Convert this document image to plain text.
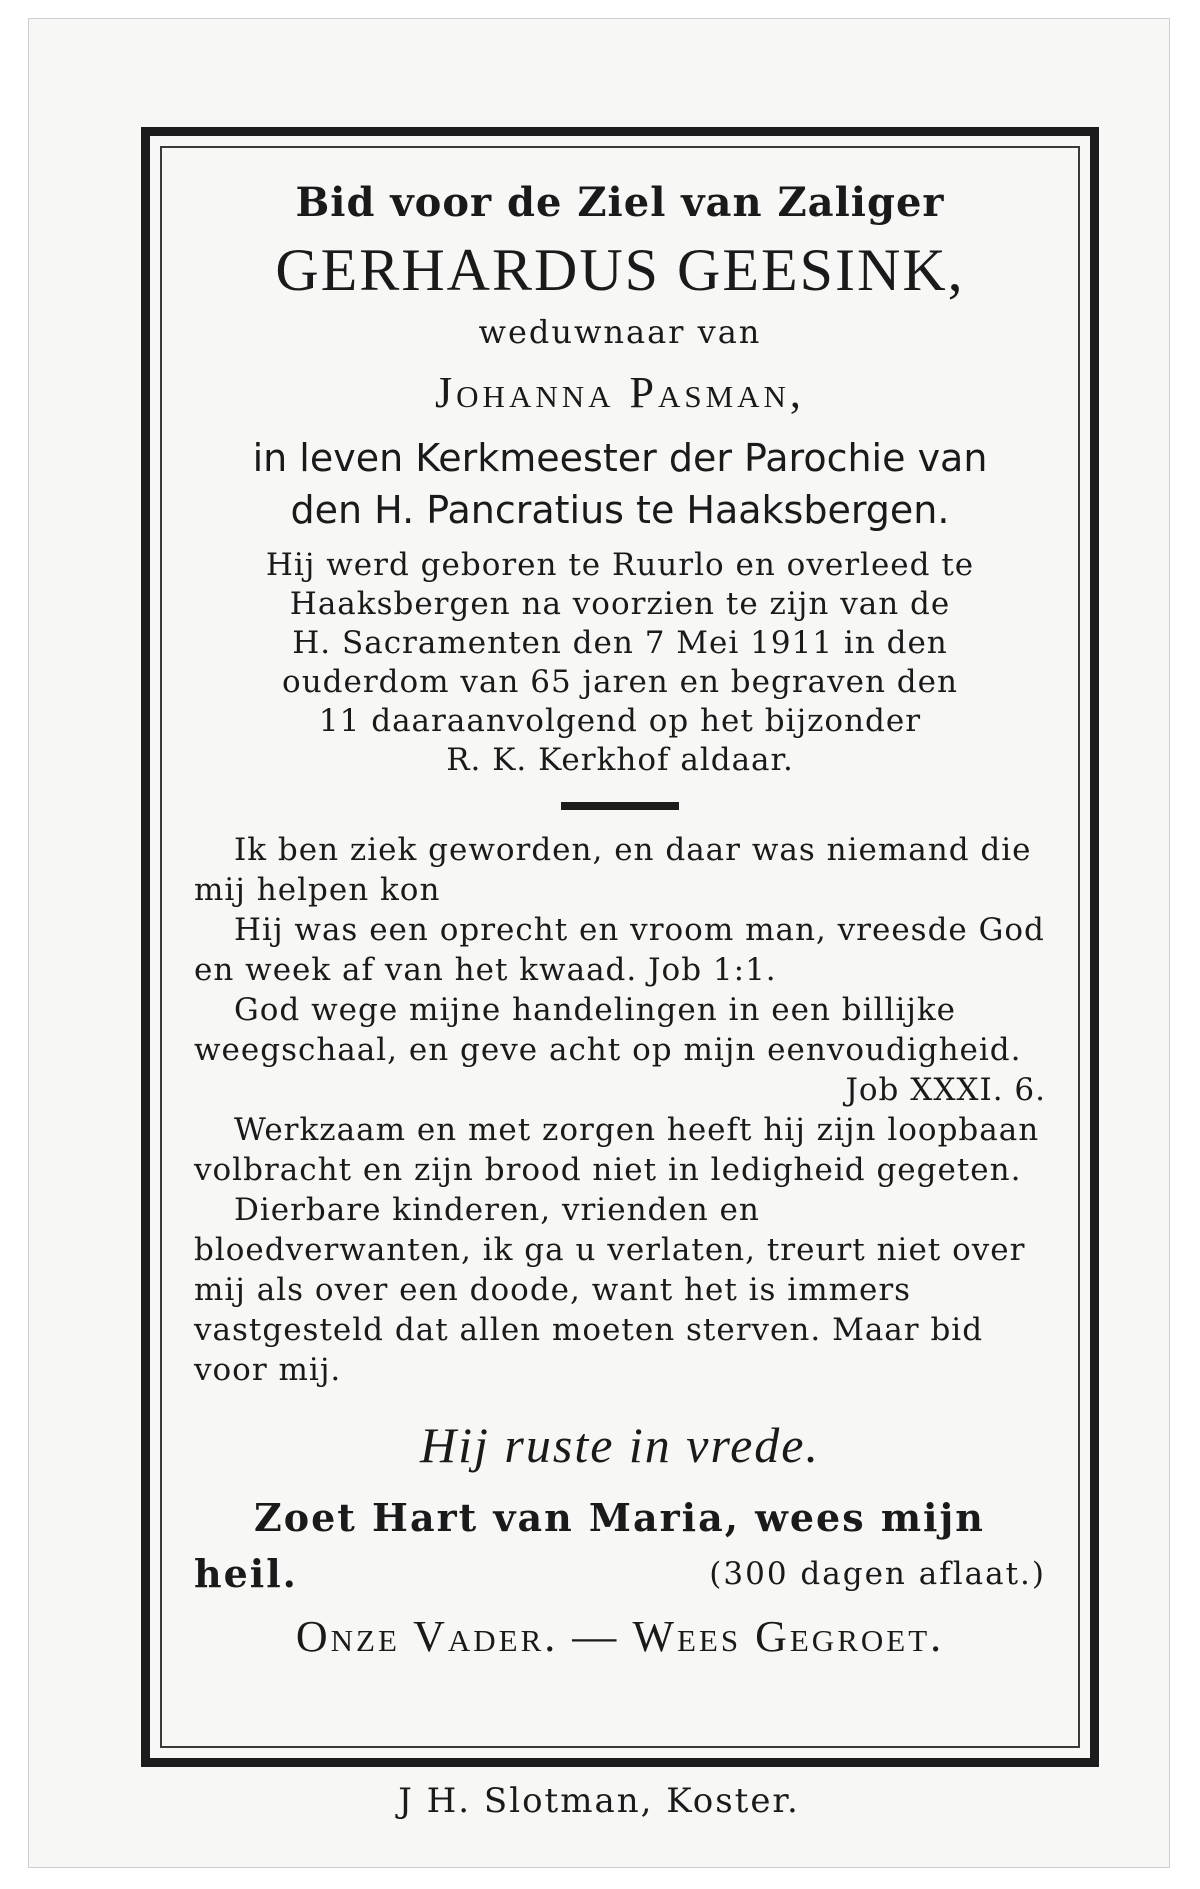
Bid voor de Ziel van Zaliger

GERHARDUS GEESINK,

weduwnaar van

Johanna Pasman,

in leven Kerkmeester der Parochie van

den H. Pancratius te Haaksbergen.

Hij werd geboren te Ruurlo en overleed te

Haaksbergen na voorzien te zijn van de

H. Sacramenten den 7 Mei 1911 in den

ouderdom van 65 jaren en begraven den

11 daaraanvolgend op het bijzonder

R. K. Kerkhof aldaar.

Ik ben ziek geworden, en daar was niemand die mij helpen kon

Hij was een oprecht en vroom man, vreesde God en week af van het kwaad. Job 1:1.

God wege mijne handelingen in een billijke weegschaal, en geve acht op mijn eenvoudigheid.
Job XXXI. 6.

Werkzaam en met zorgen heeft hij zijn loopbaan volbracht en zijn brood niet in ledigheid gegeten.

Dierbare kinderen, vrienden en bloedverwanten, ik ga u verlaten, treurt niet over mij als over een doode, want het is immers vastgesteld dat allen moeten sterven. Maar bid voor mij.

Hij ruste in vrede.

Zoet Hart van Maria, wees mijn

heil.	(300 dagen aflaat.)

Onze Vader. — Wees Gegroet.

J H. Slotman, Koster.
